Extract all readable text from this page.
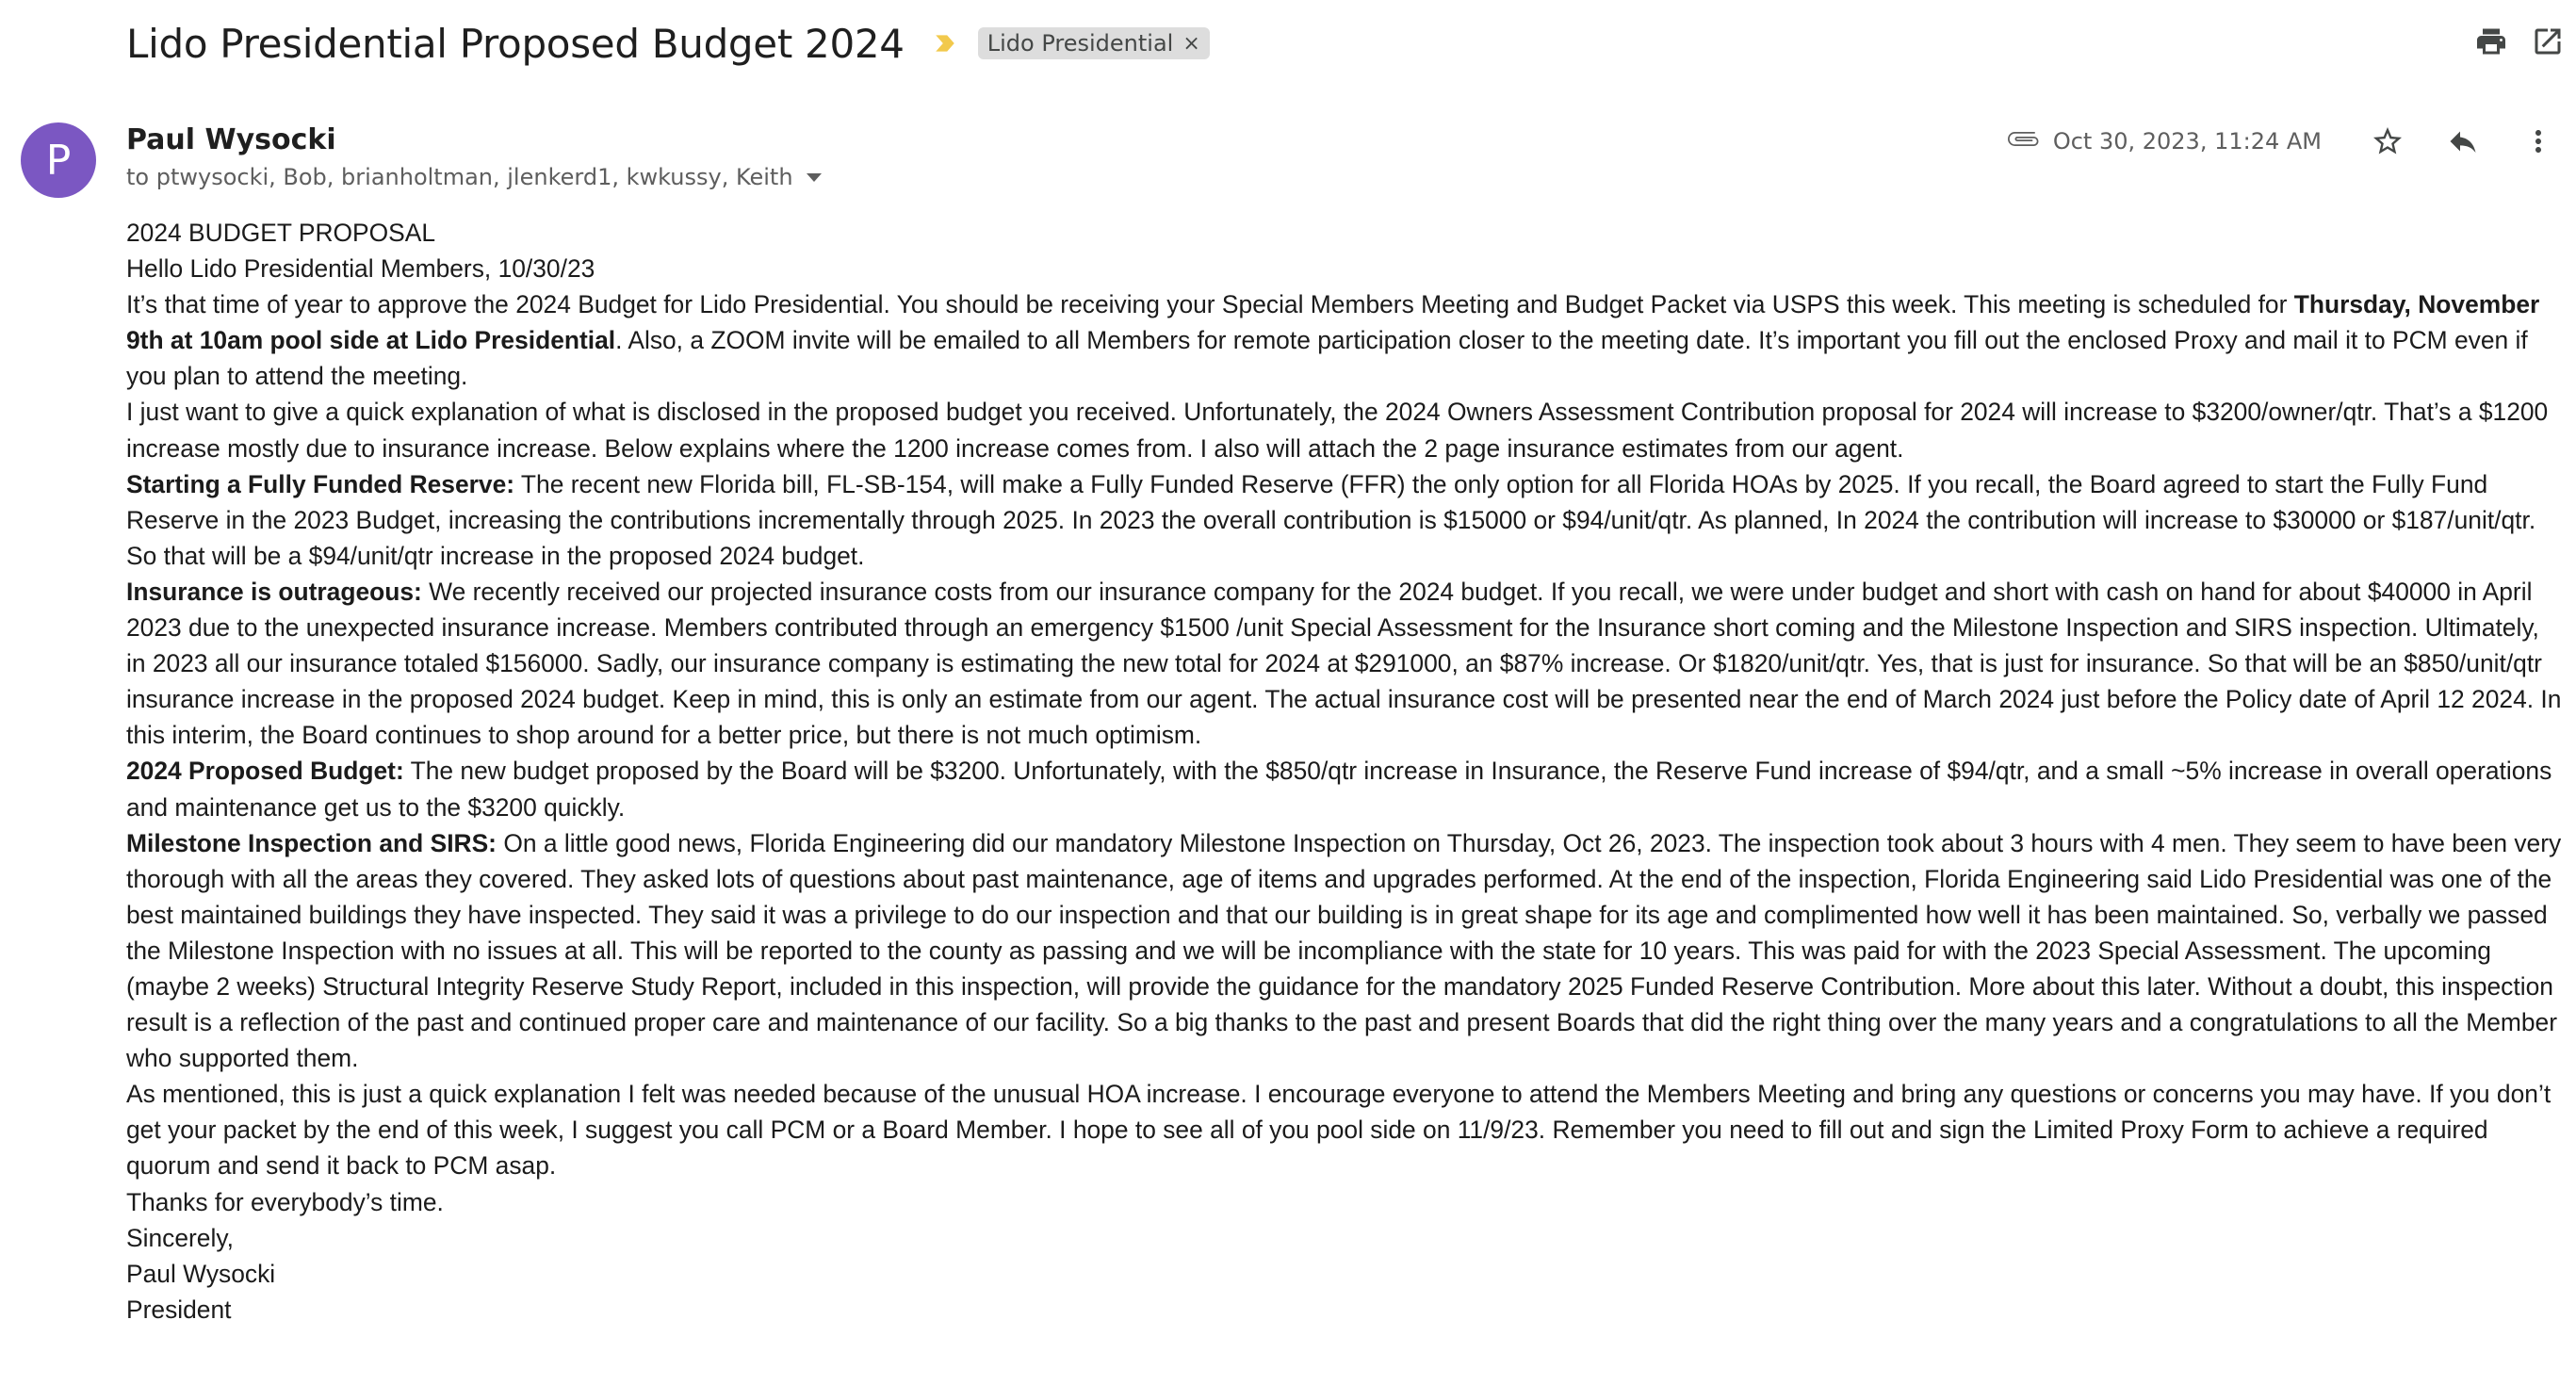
Lido Presidential Proposed Budget 2024	Lido Presidential ×
P	Paul Wysocki
to ptwysocki, Bob, brianholtman, jlenkerd1, kwkussy, Keith
Oct 30, 2023, 11:24 AM

2024 BUDGET PROPOSAL

Hello Lido Presidential Members, 10/30/23

It’s that time of year to approve the 2024 Budget for Lido Presidential. You should be receiving your Special Members Meeting and Budget Packet via USPS this week. This meeting is scheduled for Thursday, November 9th at 10am pool side at Lido Presidential. Also, a ZOOM invite will be emailed to all Members for remote participation closer to the meeting date. It’s important you fill out the enclosed Proxy and mail it to PCM even if you plan to attend the meeting.

I just want to give a quick explanation of what is disclosed in the proposed budget you received. Unfortunately, the 2024 Owners Assessment Contribution proposal for 2024 will increase to $3200/owner/qtr. That’s a $1200 increase mostly due to insurance increase. Below explains where the 1200 increase comes from. I also will attach the 2 page insurance estimates from our agent.

Starting a Fully Funded Reserve: The recent new Florida bill, FL-SB-154, will make a Fully Funded Reserve (FFR) the only option for all Florida HOAs by 2025. If you recall, the Board agreed to start the Fully Fund Reserve in the 2023 Budget, increasing the contributions incrementally through 2025. In 2023 the overall contribution is $15000 or $94/unit/qtr. As planned, In 2024 the contribution will increase to $30000 or $187/unit/qtr. So that will be a $94/unit/qtr increase in the proposed 2024 budget.

Insurance is outrageous: We recently received our projected insurance costs from our insurance company for the 2024 budget. If you recall, we were under budget and short with cash on hand for about $40000 in April 2023 due to the unexpected insurance increase. Members contributed through an emergency $1500 /unit Special Assessment for the Insurance short coming and the Milestone Inspection and SIRS inspection. Ultimately, in 2023 all our insurance totaled $156000. Sadly, our insurance company is estimating the new total for 2024 at $291000, an $87% increase. Or $1820/unit/qtr. Yes, that is just for insurance. So that will be an $850/unit/qtr insurance increase in the proposed 2024 budget. Keep in mind, this is only an estimate from our agent. The actual insurance cost will be presented near the end of March 2024 just before the Policy date of April 12 2024. In this interim, the Board continues to shop around for a better price, but there is not much optimism.

2024 Proposed Budget: The new budget proposed by the Board will be $3200. Unfortunately, with the $850/qtr increase in Insurance, the Reserve Fund increase of $94/qtr, and a small ~5% increase in overall operations and maintenance get us to the $3200 quickly.

Milestone Inspection and SIRS: On a little good news, Florida Engineering did our mandatory Milestone Inspection on Thursday, Oct 26, 2023. The inspection took about 3 hours with 4 men. They seem to have been very thorough with all the areas they covered. They asked lots of questions about past maintenance, age of items and upgrades performed. At the end of the inspection, Florida Engineering said Lido Presidential was one of the best maintained buildings they have inspected. They said it was a privilege to do our inspection and that our building is in great shape for its age and complimented how well it has been maintained. So, verbally we passed the Milestone Inspection with no issues at all. This will be reported to the county as passing and we will be incompliance with the state for 10 years. This was paid for with the 2023 Special Assessment. The upcoming (maybe 2 weeks) Structural Integrity Reserve Study Report, included in this inspection, will provide the guidance for the mandatory 2025 Funded Reserve Contribution. More about this later. Without a doubt, this inspection result is a reflection of the past and continued proper care and maintenance of our facility. So a big thanks to the past and present Boards that did the right thing over the many years and a congratulations to all the Member who supported them.

As mentioned, this is just a quick explanation I felt was needed because of the unusual HOA increase. I encourage everyone to attend the Members Meeting and bring any questions or concerns you may have. If you don’t get your packet by the end of this week, I suggest you call PCM or a Board Member. I hope to see all of you pool side on 11/9/23. Remember you need to fill out and sign the Limited Proxy Form to achieve a required quorum and send it back to PCM asap.

Thanks for everybody’s time.

Sincerely,

Paul Wysocki

President
